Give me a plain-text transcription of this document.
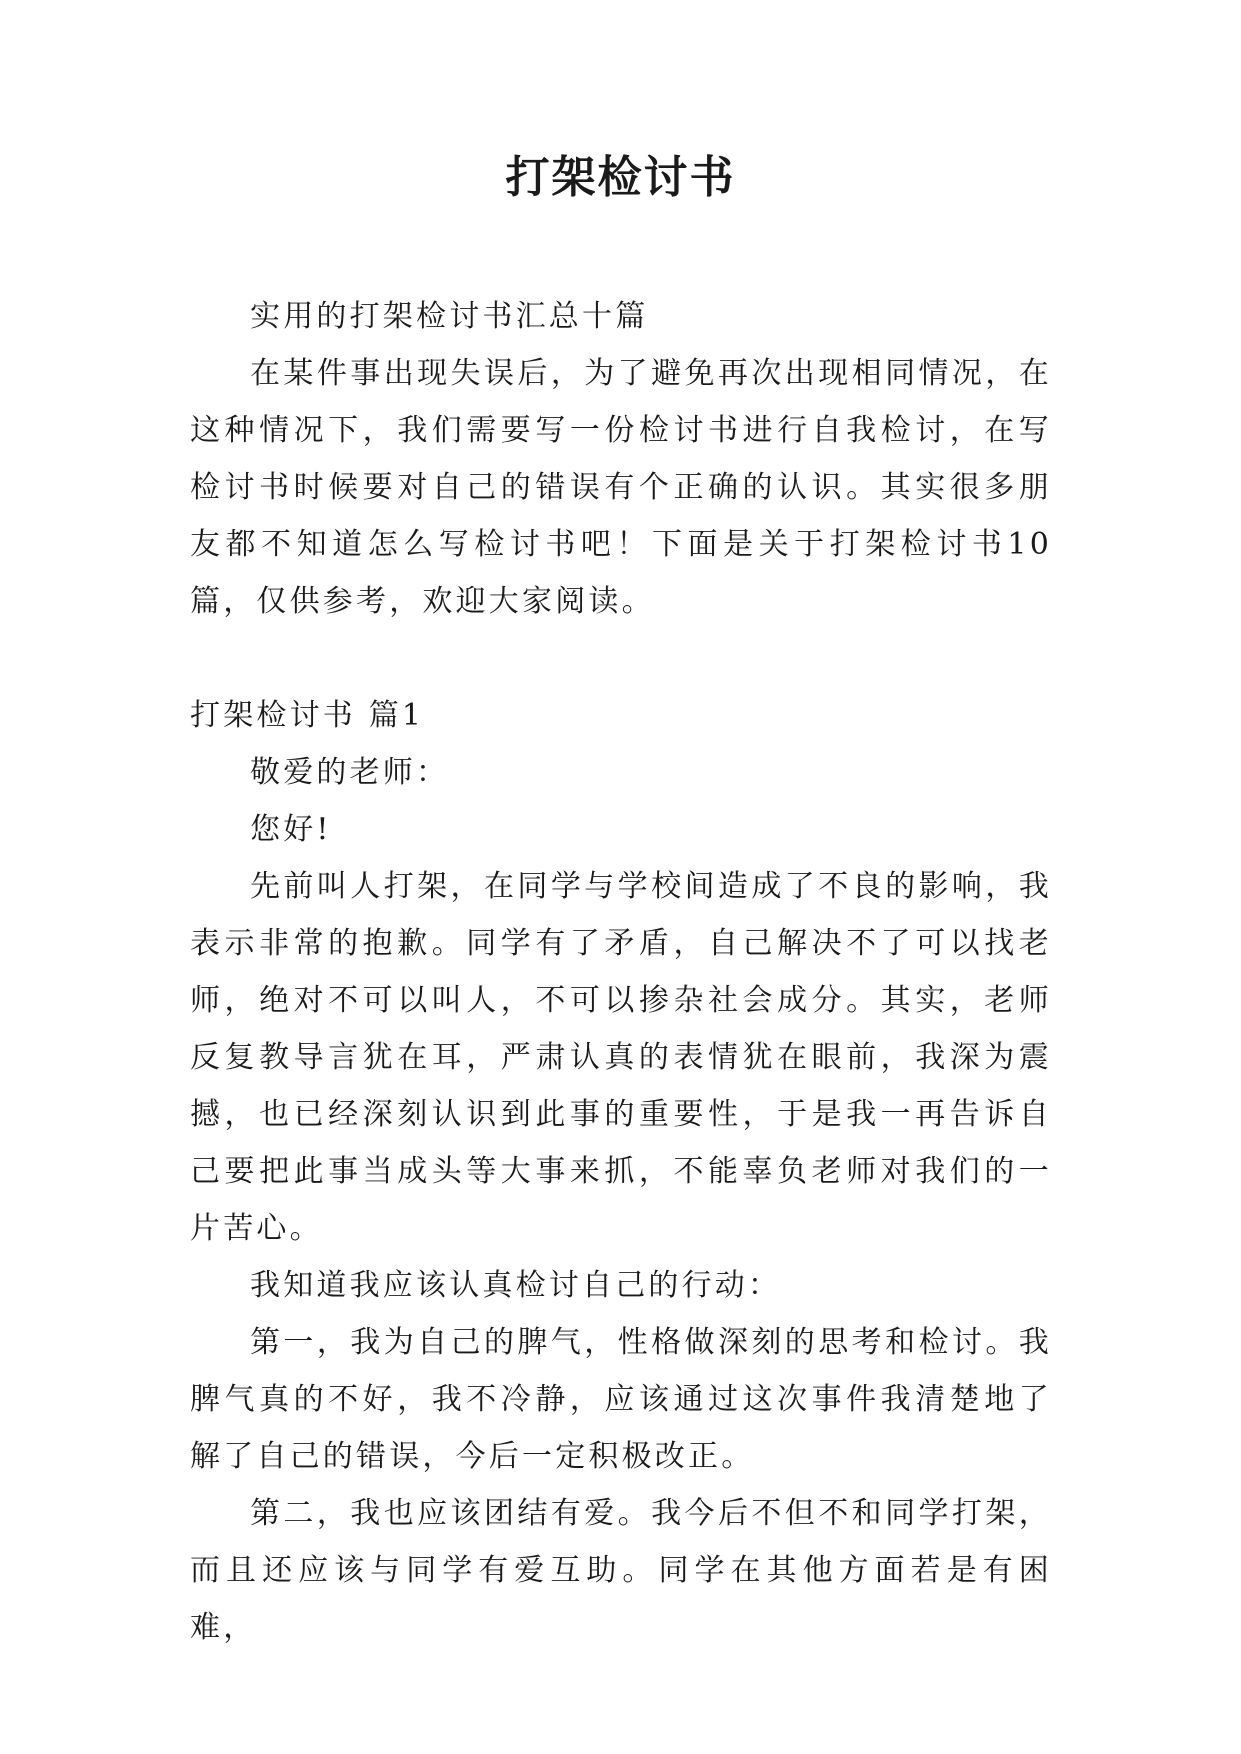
打架检讨书

实用的打架检讨书汇总十篇

在某件事出现失误后，为了避免再次出现相同情况，在这种情况下，我们需要写一份检讨书进行自我检讨，在写检讨书时候要对自己的错误有个正确的认识。其实很多朋友都不知道怎么写检讨书吧！下面是关于打架检讨书10篇，仅供参考，欢迎大家阅读。

打架检讨书 篇1

敬爱的老师：

您好!

先前叫人打架，在同学与学校间造成了不良的影响，我表示非常的抱歉。同学有了矛盾，自己解决不了可以找老师，绝对不可以叫人，不可以掺杂社会成分。其实，老师反复教导言犹在耳，严肃认真的表情犹在眼前，我深为震撼，也已经深刻认识到此事的重要性，于是我一再告诉自己要把此事当成头等大事来抓，不能辜负老师对我们的一片苦心。

我知道我应该认真检讨自己的行动：

第一，我为自己的脾气，性格做深刻的思考和检讨。我脾气真的不好，我不冷静，应该通过这次事件我清楚地了解了自己的错误，今后一定积极改正。

第二，我也应该团结有爱。我今后不但不和同学打架，而且还应该与同学有爱互助。同学在其他方面若是有困难，
